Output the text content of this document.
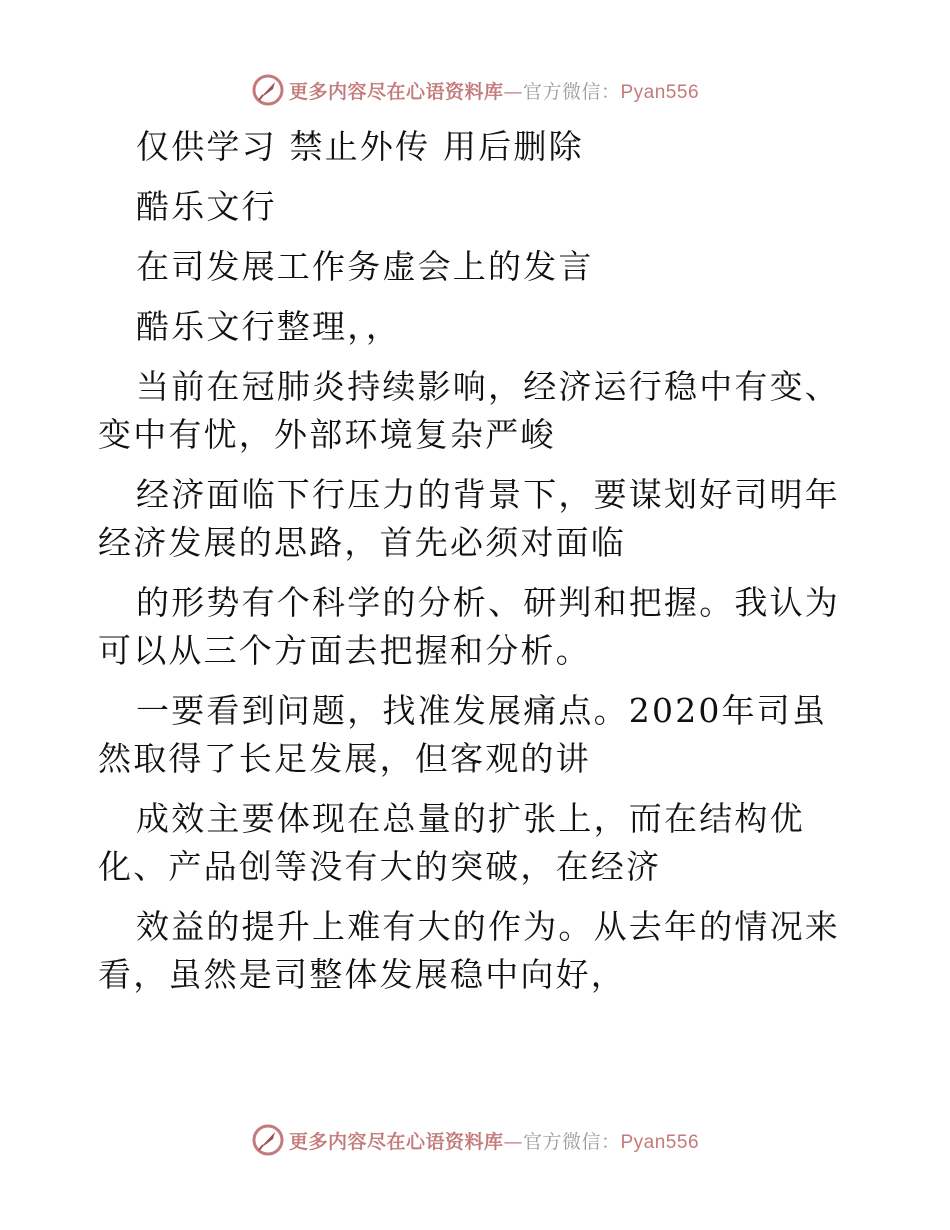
更多内容尽在心语资料库—官方微信：Pyan556

仅供学习 禁止外传 用后删除

酷乐文行

在司发展工作务虚会上的发言

酷乐文行整理，，

当前在冠肺炎持续影响，经济运行稳中有变、变中有忧，外部环境复杂严峻

经济面临下行压力的背景下，要谋划好司明年经济发展的思路，首先必须对面临

的形势有个科学的分析、研判和把握。我认为可以从三个方面去把握和分析。

一要看到问题，找准发展痛点。2020年司虽然取得了长足发展，但客观的讲

成效主要体现在总量的扩张上，而在结构优化、产品创等没有大的突破，在经济

效益的提升上难有大的作为。从去年的情况来看，虽然是司整体发展稳中向好，

更多内容尽在心语资料库—官方微信：Pyan556
